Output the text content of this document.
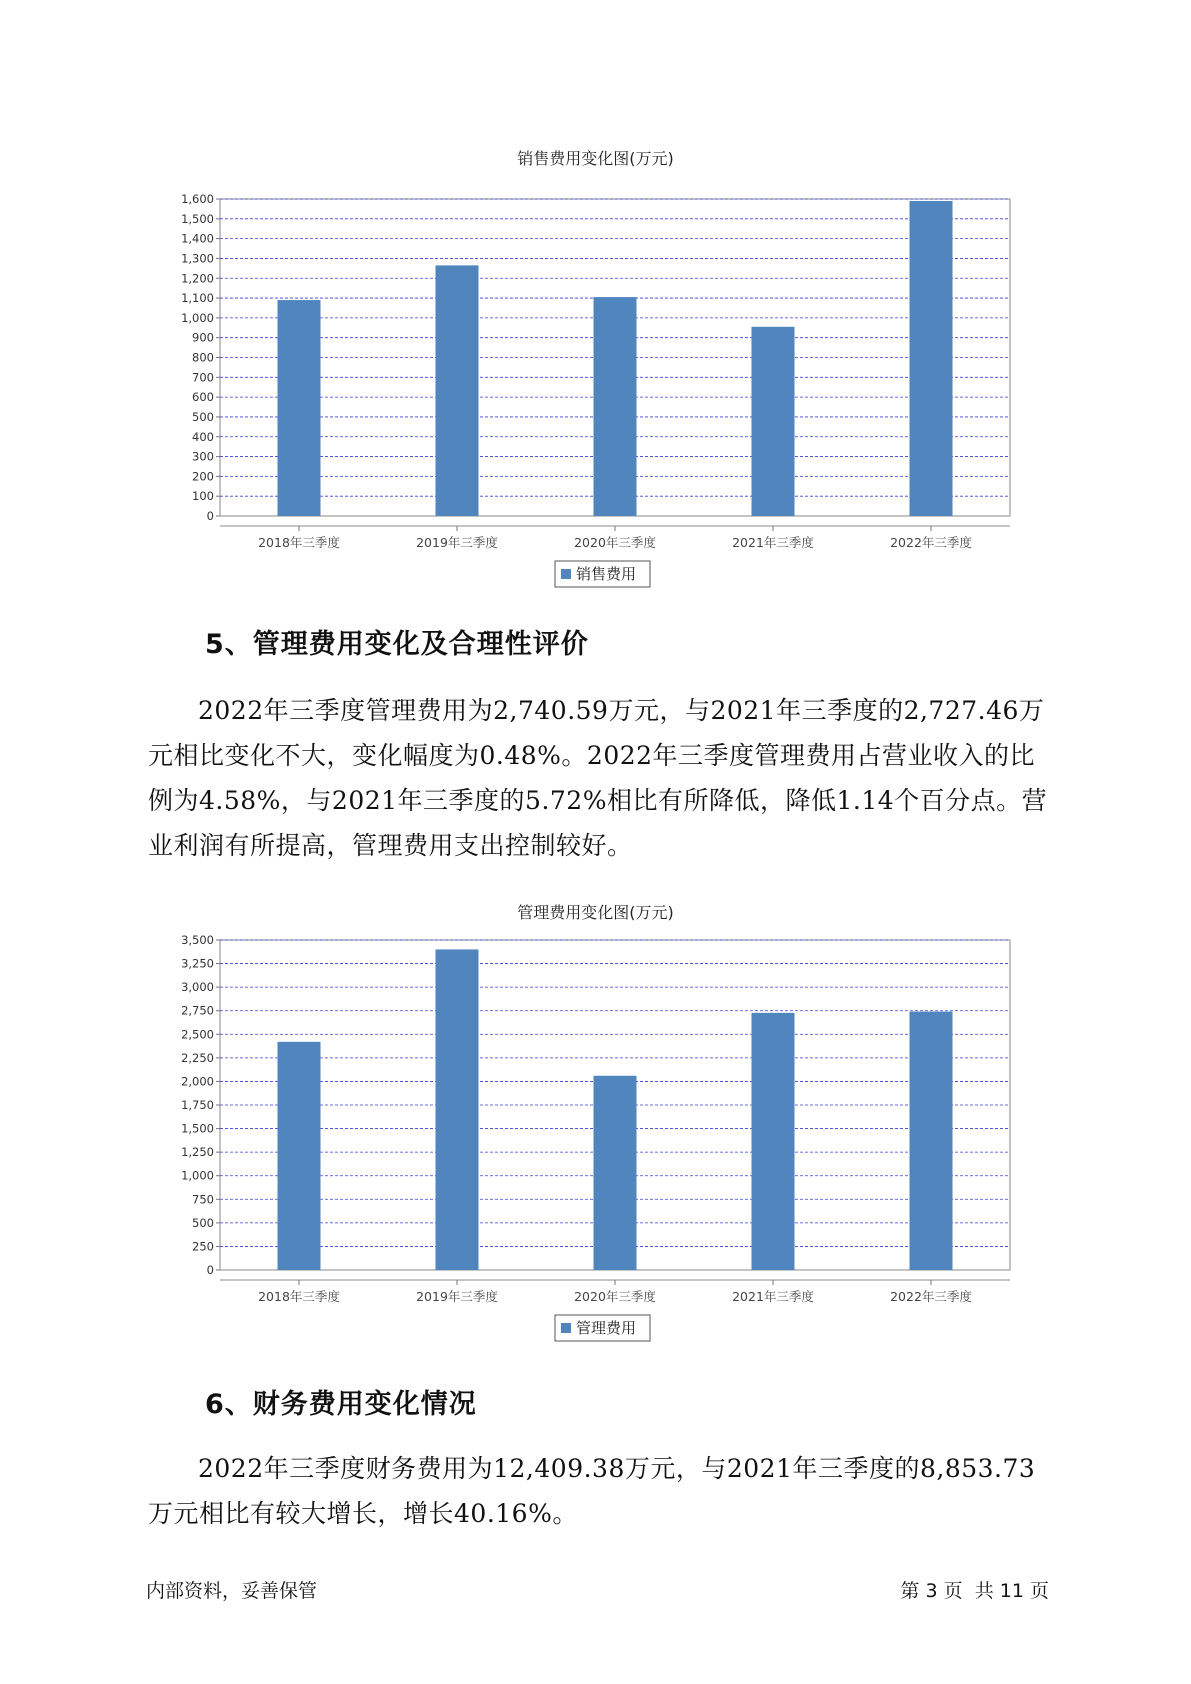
销售费用变化图(万元)
0
100
200
300
400
500
600
700
800
900
1,000
1,100
1,200
1,300
1,400
1,500
1,600
2018年三季度	2019年三季度	2020年三季度	2021年三季度	2022年三季度
销售费用
5、管理费用变化及合理性评价

2022年三季度管理费用为2,740.59万元，与2021年三季度的2,727.46万元相比变化不大，变化幅度为0.48%。2022年三季度管理费用占营业收入的比例为4.58%，与2021年三季度的5.72%相比有所降低，降低1.14个百分点。营业利润有所提高，管理费用支出控制较好。

管理费用变化图(万元)
0
250
500
750
1,000
1,250
1,500
1,750
2,000
2,250
2,500
2,750
3,000
3,250
3,500
2018年三季度	2019年三季度	2020年三季度	2021年三季度	2022年三季度
管理费用
6、财务费用变化情况

2022年三季度财务费用为12,409.38万元，与2021年三季度的8,853.73万元相比有较大增长，增长40.16%。

内部资料，妥善保管	第 3 页 共 11 页
